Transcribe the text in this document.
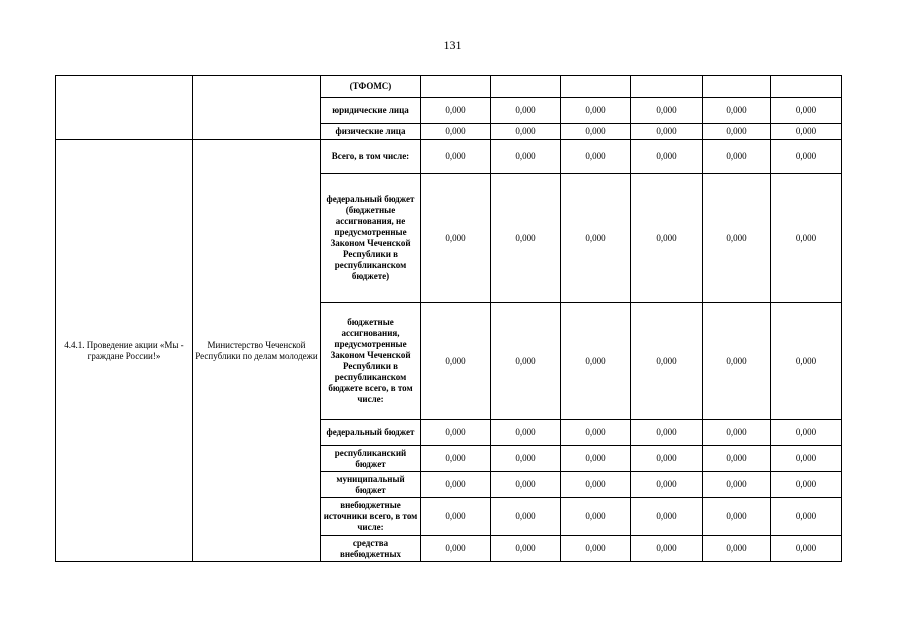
131
		(ТФОМС)						
		юридические лица	0,000	0,000	0,000	0,000	0,000	0,000
		физические лица	0,000	0,000	0,000	0,000	0,000	0,000
4.4.1. Проведение акции «Мы - граждане России!»	Министерство Чеченской Республики по делам молодежи	Всего, в том числе:	0,000	0,000	0,000	0,000	0,000	0,000
		федеральный бюджет (бюджетные ассигнования, не предусмотренные Законом Чеченской Республики в республиканском бюджете)	0,000	0,000	0,000	0,000	0,000	0,000
		бюджетные ассигнования, предусмотренные Законом Чеченской Республики в республиканском бюджете всего, в том числе:	0,000	0,000	0,000	0,000	0,000	0,000
		федеральный бюджет	0,000	0,000	0,000	0,000	0,000	0,000
		республиканский бюджет	0,000	0,000	0,000	0,000	0,000	0,000
		муниципальный бюджет	0,000	0,000	0,000	0,000	0,000	0,000
		внебюджетные источники всего, в том числе:	0,000	0,000	0,000	0,000	0,000	0,000
		средства внебюджетных	0,000	0,000	0,000	0,000	0,000	0,000
